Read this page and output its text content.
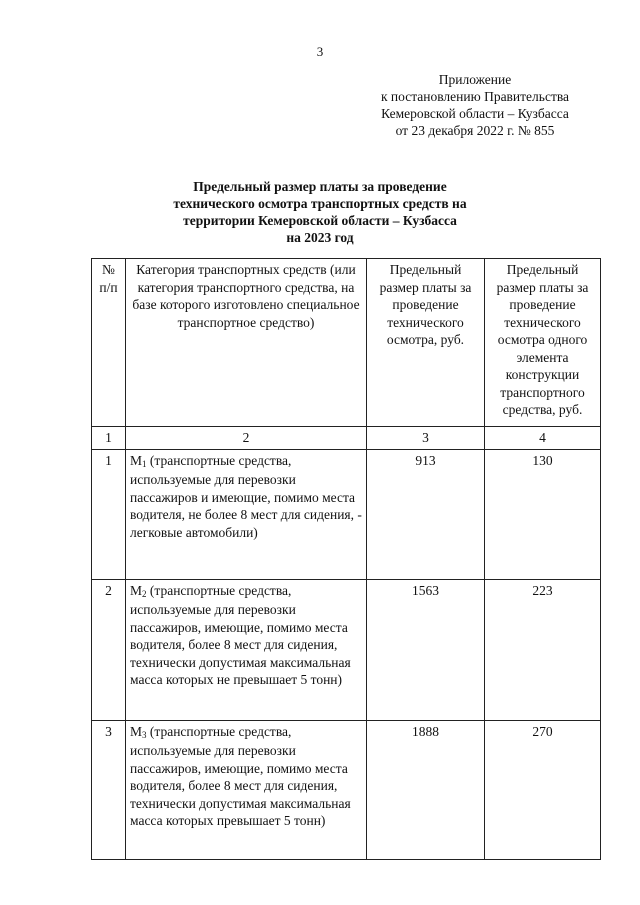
3
Приложение
к постановлению Правительства
Кемеровской области – Кузбасса
от 23 декабря 2022 г. № 855
Предельный размер платы за проведение
технического осмотра транспортных средств на
территории Кемеровской области – Кузбасса
на 2023 год
№ п/п	Категория транспортных средств (или категория транспортного средства, на базе которого изготовлено специальное транспортное средство)	Предельный размер платы за проведение технического осмотра, руб.	Предельный размер платы за проведение технического осмотра одного элемента конструкции транспортного средства, руб.
1	2	3	4
1	$М_1$ (транспортные средства, используемые для перевозки пассажиров и имеющие, помимо места водителя, не более 8 мест для сидения, - легковые автомобили)	913	130
2	$М_2$ (транспортные средства, используемые для перевозки пассажиров, имеющие, помимо места водителя, более 8 мест для сидения, технически допустимая максимальная масса которых не превышает 5 тонн)	1563	223
3	$М_3$ (транспортные средства, используемые для перевозки пассажиров, имеющие, помимо места водителя, более 8 мест для сидения, технически допустимая максимальная масса которых превышает 5 тонн)	1888	270
